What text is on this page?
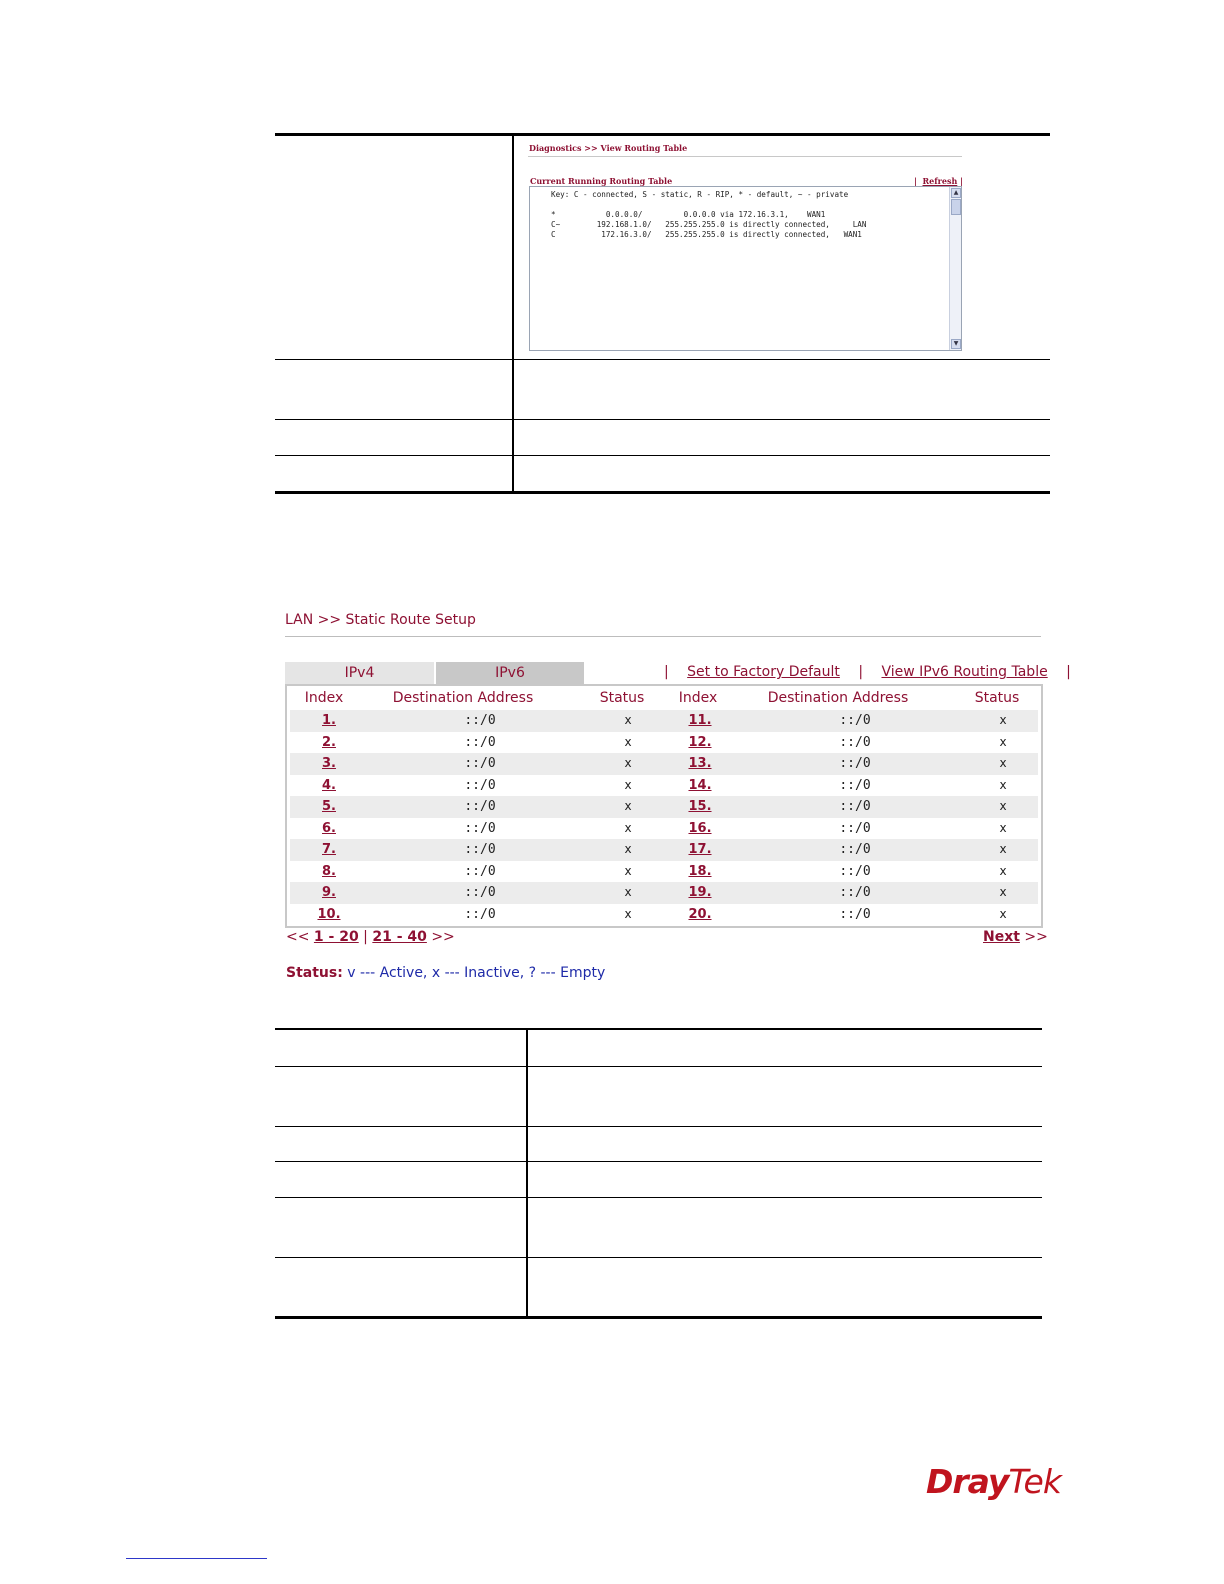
Diagnostics >> View Routing Table
Current Running Routing Table	| Refresh |
Key: C - connected, S - static, R - RIP, * - default, ~ - private
*           0.0.0.0/         0.0.0.0 via 172.16.3.1,    WAN1
C~        192.168.1.0/   255.255.255.0 is directly connected,     LAN
C          172.16.3.0/   255.255.255.0 is directly connected,   WAN1
▲
▼
LAN >> Static Route Setup
IPv4	IPv6	| Set to Factory Default | View IPv6 Routing Table |
Index	Destination Address	Status	Index	Destination Address	Status
1.	::/0	x	11.	::/0	x
2.	::/0	x	12.	::/0	x
3.	::/0	x	13.	::/0	x
4.	::/0	x	14.	::/0	x
5.	::/0	x	15.	::/0	x
6.	::/0	x	16.	::/0	x
7.	::/0	x	17.	::/0	x
8.	::/0	x	18.	::/0	x
9.	::/0	x	19.	::/0	x
10.	::/0	x	20.	::/0	x
<< 1 - 20 | 21 - 40 >>	Next >>
Status: v --- Active, x --- Inactive, ? --- Empty
DrayTek
